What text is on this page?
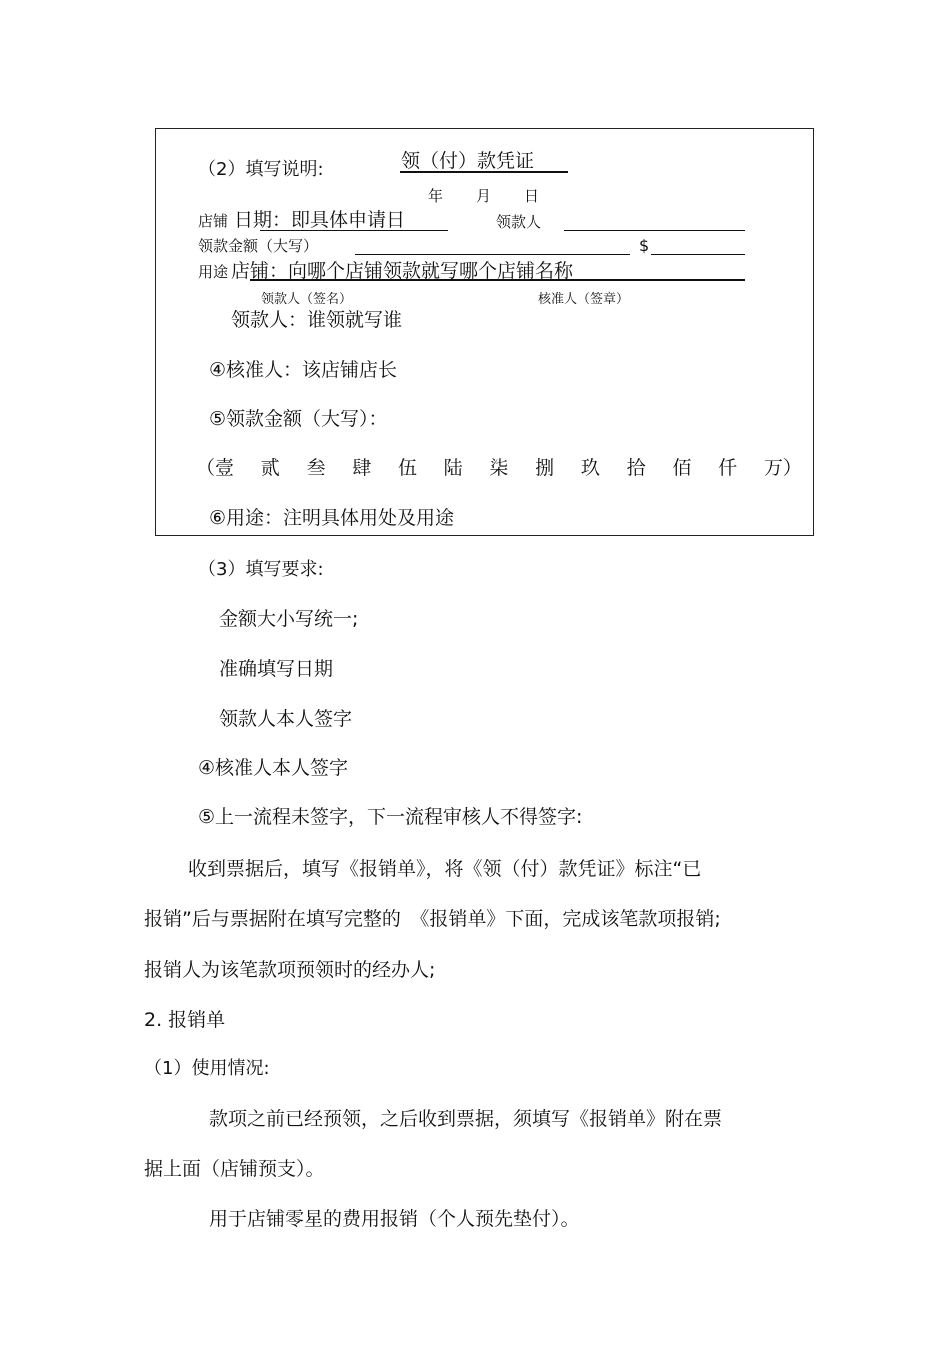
（2）填写说明:	领（付）款凭证
年　　月　　日
店铺 日期：即具体申请日	领款人
领款金额（大写）	$
用途 店铺：向哪个店铺领款就写哪个店铺名称
领款人（签名）	核准人（签章）
领款人：谁领就写谁
④核准人：该店铺店长
⑤领款金额（大写）：
（壹 贰 叁 肆 伍 陆 柒 捌 玖 拾 佰 仟 万）
⑥用途：注明具体用处及用途
（3）填写要求:
金额大小写统一;
准确填写日期
领款人本人签字
④核准人本人签字
⑤上一流程未签字，下一流程审核人不得签字:
收到票据后，填写《报销单》，将《领（付）款凭证》标注“已
报销”后与票据附在填写完整的　《报销单》下面，完成该笔款项报销;
报销人为该笔款项预领时的经办人;
2. 报销单
（1）使用情况:
款项之前已经预领，之后收到票据，须填写《报销单》附在票
据上面（店铺预支）。
用于店铺零星的费用报销（个人预先垫付）。
